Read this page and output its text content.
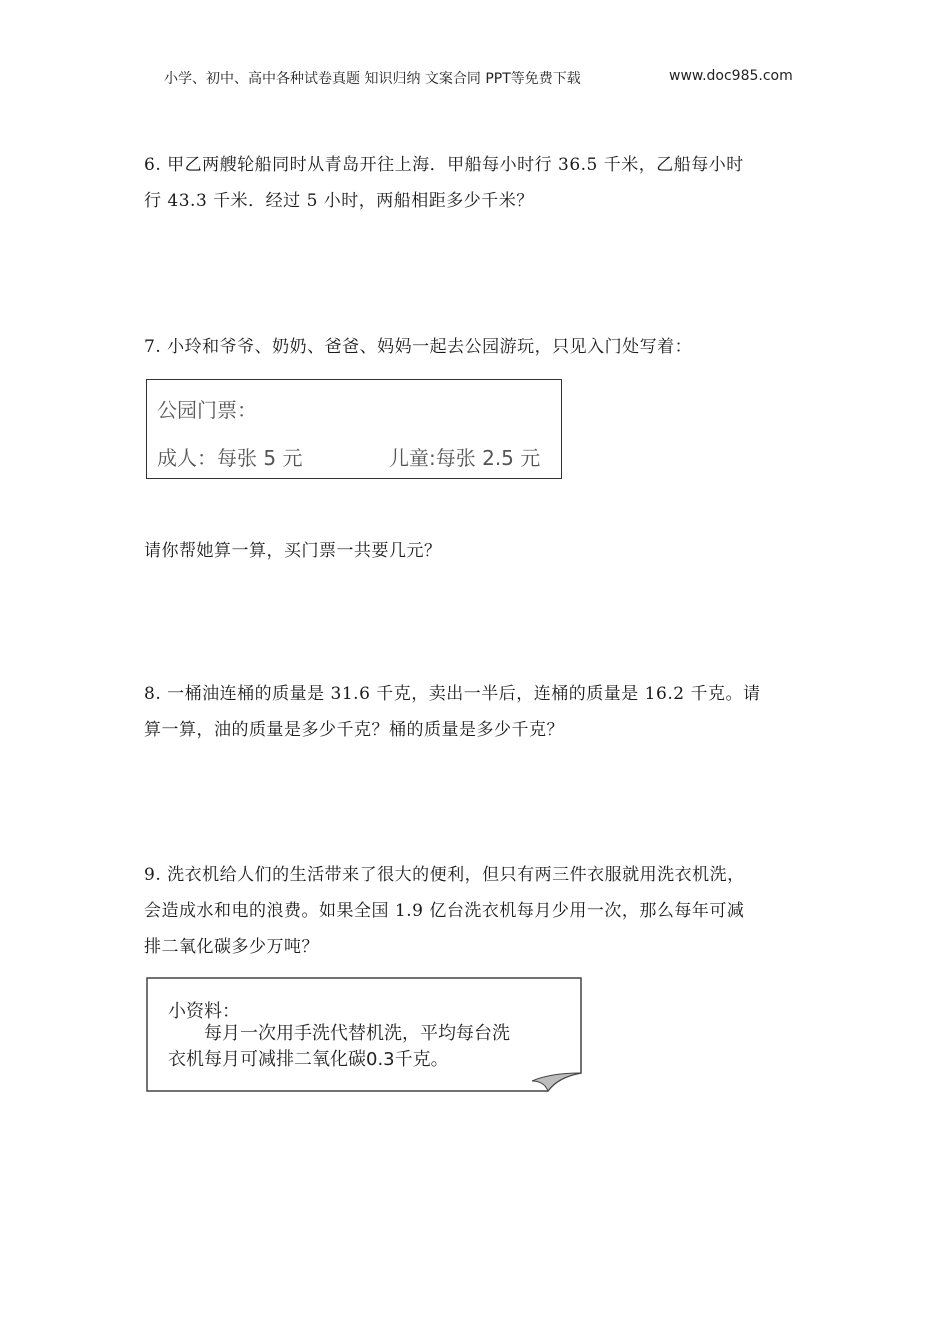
小学、初中、高中各种试卷真题 知识归纳 文案合同 PPT等免费下载	www.doc985.com
6. 甲乙两艘轮船同时从青岛开往上海．甲船每小时行 36.5 千米，乙船每小时
行 43.3 千米．经过 5 小时，两船相距多少千米？
7. 小玲和爷爷、奶奶、爸爸、妈妈一起去公园游玩，只见入门处写着：
公园门票：
成人：每张 5 元	儿童:每张 2.5 元
请你帮她算一算，买门票一共要几元？
8. 一桶油连桶的质量是 31.6 千克，卖出一半后，连桶的质量是 16.2 千克。请
算一算，油的质量是多少千克？桶的质量是多少千克？
9. 洗衣机给人们的生活带来了很大的便利，但只有两三件衣服就用洗衣机洗，
会造成水和电的浪费。如果全国 1.9 亿台洗衣机每月少用一次，那么每年可减
排二氧化碳多少万吨？
小资料：
每月一次用手洗代替机洗，平均每台洗
衣机每月可减排二氧化碳0.3千克。
